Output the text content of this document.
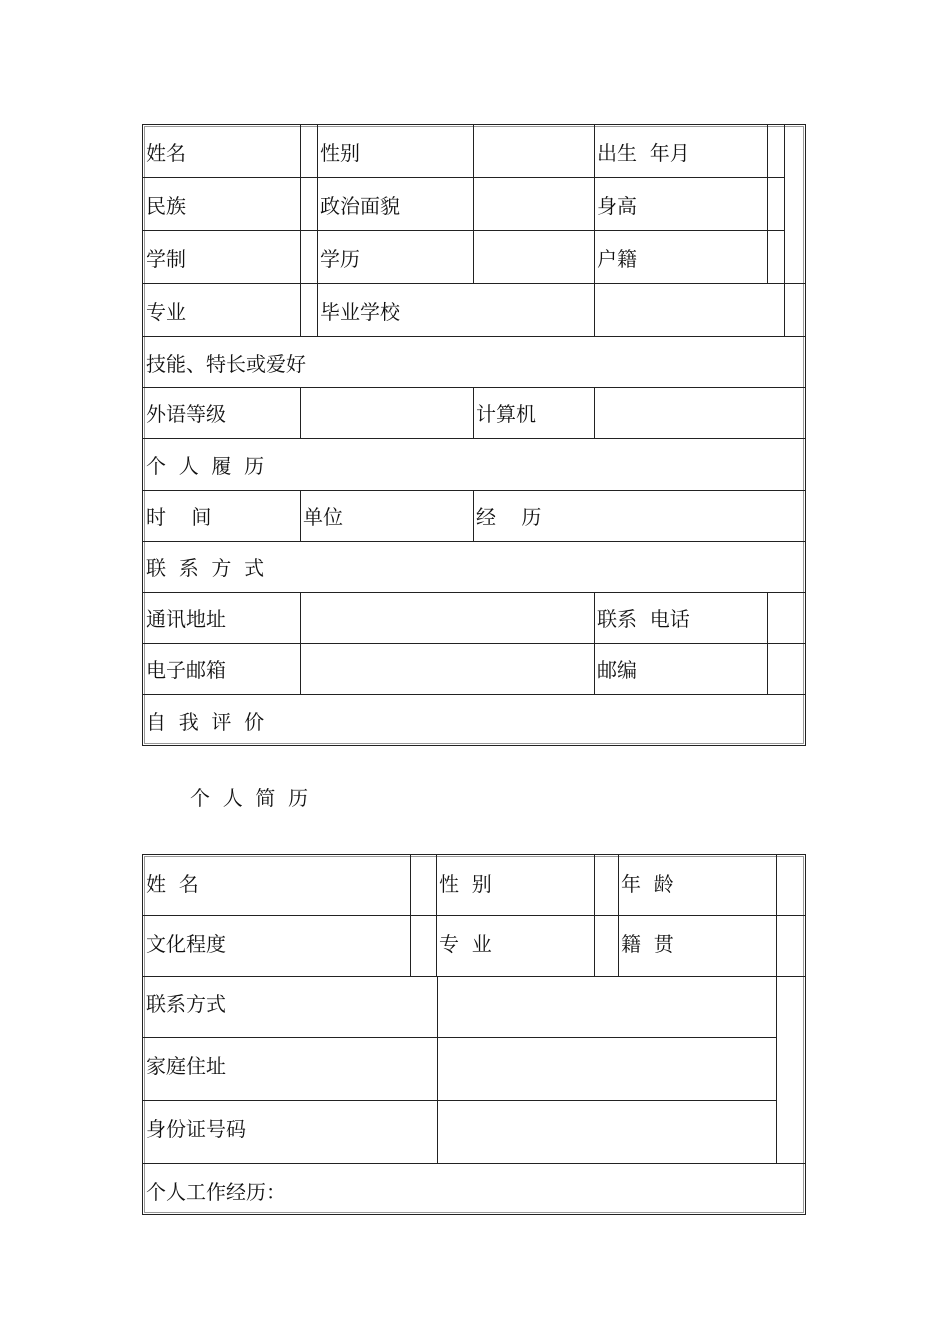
姓名	性别	出生  年月
民族	政治面貌	身高
学制	学历	户籍
专业	毕业学校
技能、特长或爱好
外语等级	计算机
个  人  履  历
时    间	单位	经    历
联  系  方  式
通讯地址	联系  电话
电子邮箱	邮编
自  我  评  价
个  人  简  历
姓  名	性  别	年  龄
文化程度	专  业	籍  贯
联系方式
家庭住址
身份证号码
个人工作经历：
